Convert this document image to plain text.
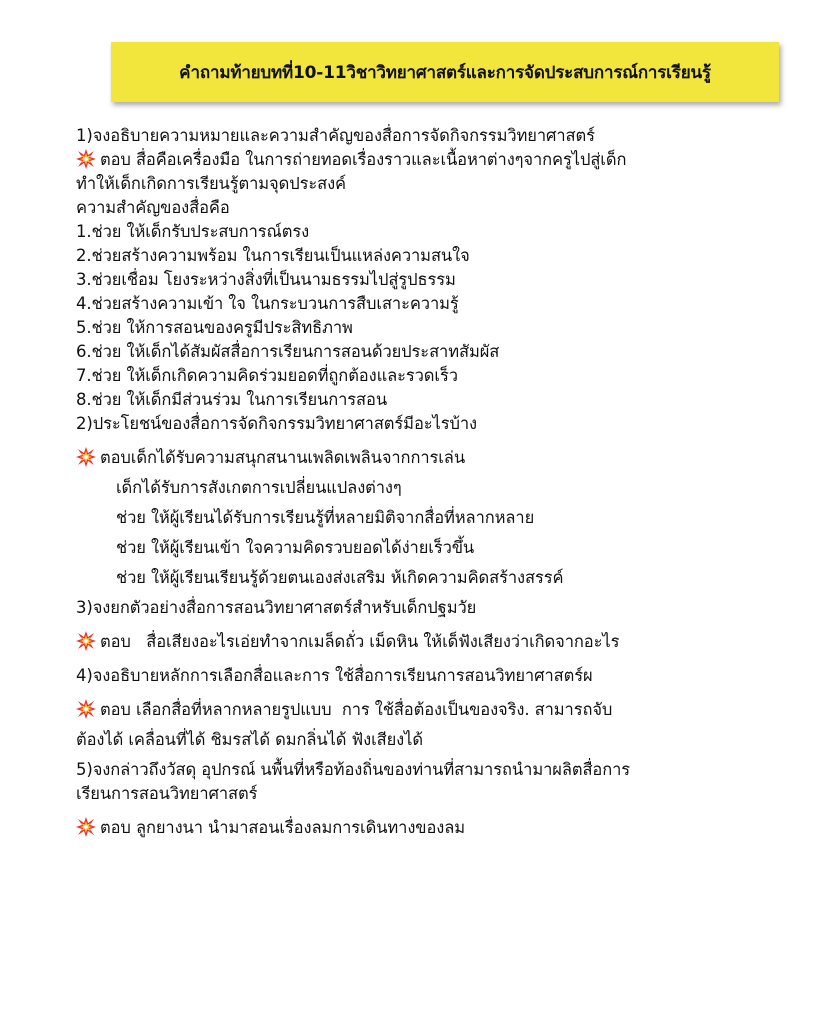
คำถามท้ายบทที่10-11วิชาวิทยาศาสตร์และการจัดประสบการณ์การเรียนรู้
1)จงอธิบายความหมายและความสำคัญของสื่อการจัดกิจกรรมวิทยาศาสตร์
ตอบ สื่อคือเครื่องมือ ในการถ่ายทอดเรื่องราวและเนื้อหาต่างๆจากครูไปสู่เด็ก
ทำให้เด็กเกิดการเรียนรู้ตามจุดประสงค์
ความสำคัญของสื่อคือ
1.ช่วย ให้เด็กรับประสบการณ์ตรง
2.ช่วยสร้างความพร้อม ในการเรียนเป็นแหล่งความสนใจ
3.ช่วยเชื่อม โยงระหว่างสิ่งที่เป็นนามธรรมไปสู่รูปธรรม
4.ช่วยสร้างความเข้า ใจ ในกระบวนการสืบเสาะความรู้
5.ช่วย ให้การสอนของครูมีประสิทธิภาพ
6.ช่วย ให้เด็กได้สัมผัสสื่อการเรียนการสอนด้วยประสาทสัมผัส
7.ช่วย ให้เด็กเกิดความคิดร่วมยอดที่ถูกต้องและรวดเร็ว
8.ช่วย ให้เด็กมีส่วนร่วม ในการเรียนการสอน
2)ประโยชน์ของสื่อการจัดกิจกรรมวิทยาศาสตร์มีอะไรบ้าง
ตอบเด็กได้รับความสนุกสนานเพลิดเพลินจากการเล่น
เด็กได้รับการสังเกตการเปลี่ยนแปลงต่างๆ
ช่วย ให้ผู้เรียนได้รับการเรียนรู้ที่หลายมิติจากสื่อที่หลากหลาย
ช่วย ให้ผู้เรียนเข้า ใจความคิดรวบยอดได้ง่ายเร็วขึ้น
ช่วย ให้ผู้เรียนเรียนรู้ด้วยตนเองส่งเสริม ห้เกิดความคิดสร้างสรรค์
3)จงยกตัวอย่างสื่อการสอนวิทยาศาสตร์สำหรับเด็กปฐมวัย
ตอบ   สื่อเสียงอะไรเอ่ยทำจากเมล็ดถั่ว เม็ดหิน ให้เด็ฟังเสียงว่าเกิดจากอะไร
4)จงอธิบายหลักการเลือกสื่อและการ ใช้สื่อการเรียนการสอนวิทยาศาสตร์ผ
ตอบ เลือกสื่อที่หลากหลายรูปแบบ  การ ใช้สื่อต้องเป็นของจริง. สามารถจับ
ต้องได้ เคลื่อนที่ได้ ชิมรสได้ ดมกลิ่นได้ ฟังเสียงได้
5)จงกล่าวถึงวัสดุ อุปกรณ์ นพื้นที่หรือท้องถิ่นของท่านที่สามารถนำมาผลิตสื่อการ
เรียนการสอนวิทยาศาสตร์
ตอบ ลูกยางนา นำมาสอนเรื่องลมการเดินทางของลม
